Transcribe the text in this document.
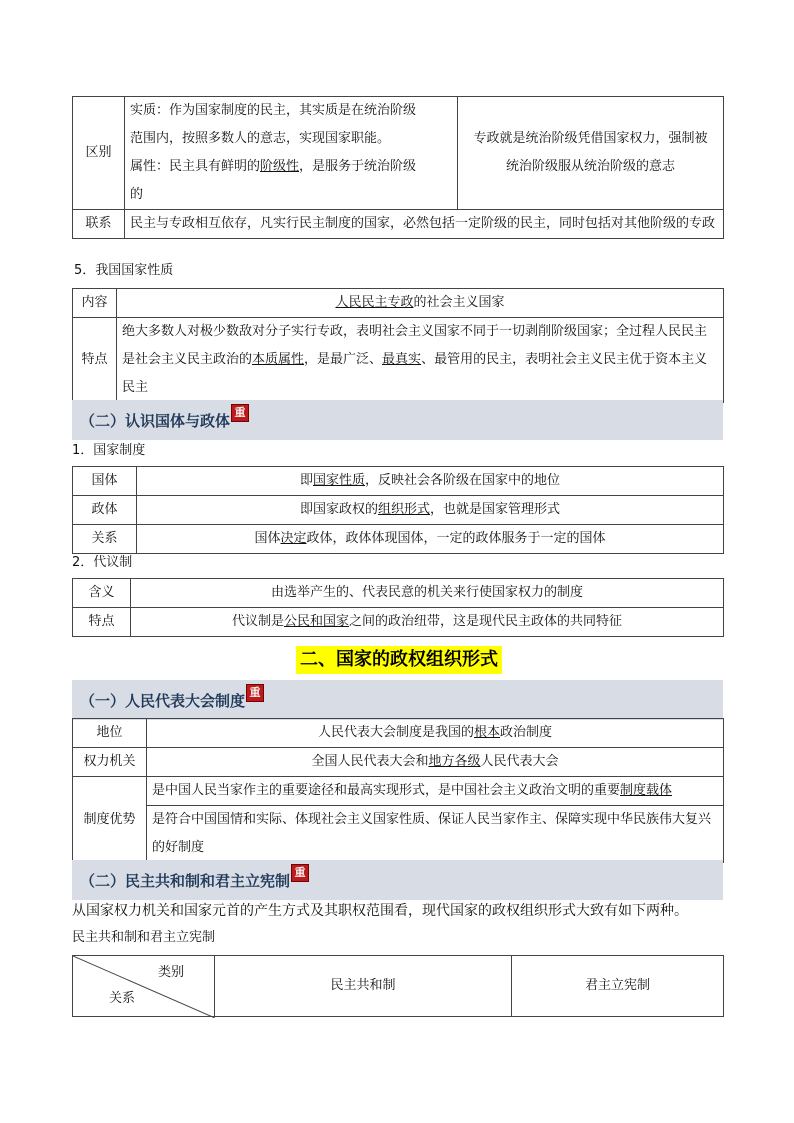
区别	实质：作为国家制度的民主，其实质是在统治阶级
范围内，按照多数人的意志，实现国家职能。
属性：民主具有鲜明的阶级性，是服务于统治阶级
的	专政就是统治阶级凭借国家权力，强制被统治阶级服从统治阶级的意志
联系	民主与专政相互依存，凡实行民主制度的国家，必然包括一定阶级的民主，同时包括对其他阶级的专政	
5．我国国家性质
内容	人民民主专政的社会主义国家
特点	绝大多数人对极少数敌对分子实行专政，表明社会主义国家不同于一切剥削阶级国家；全过程人民民主是社会主义民主政治的本质属性，是最广泛、最真实、最管用的民主，表明社会主义民主优于资本主义民主
（二）认识国体与政体 重
1．国家制度
国体	即国家性质，反映社会各阶级在国家中的地位
政体	即国家政权的组织形式，也就是国家管理形式
关系	国体决定政体，政体体现国体，一定的政体服务于一定的国体
2．代议制
含义	由选举产生的、代表民意的机关来行使国家权力的制度
特点	代议制是公民和国家之间的政治纽带，这是现代民主政体的共同特征
二、国家的政权组织形式
（一）人民代表大会制度 重
地位	人民代表大会制度是我国的根本政治制度
权力机关	全国人民代表大会和地方各级人民代表大会
制度优势	是中国人民当家作主的重要途径和最高实现形式，是中国社会主义政治文明的重要制度载体
	是符合中国国情和实际、体现社会主义国家性质、保证人民当家作主、保障实现中华民族伟大复兴的好制度
（二）民主共和制和君主立宪制 重
从国家权力机关和国家元首的产生方式及其职权范围看，现代国家的政权组织形式大致有如下两种。
民主共和制和君主立宪制
类别
关系
	民主共和制	君主立宪制
